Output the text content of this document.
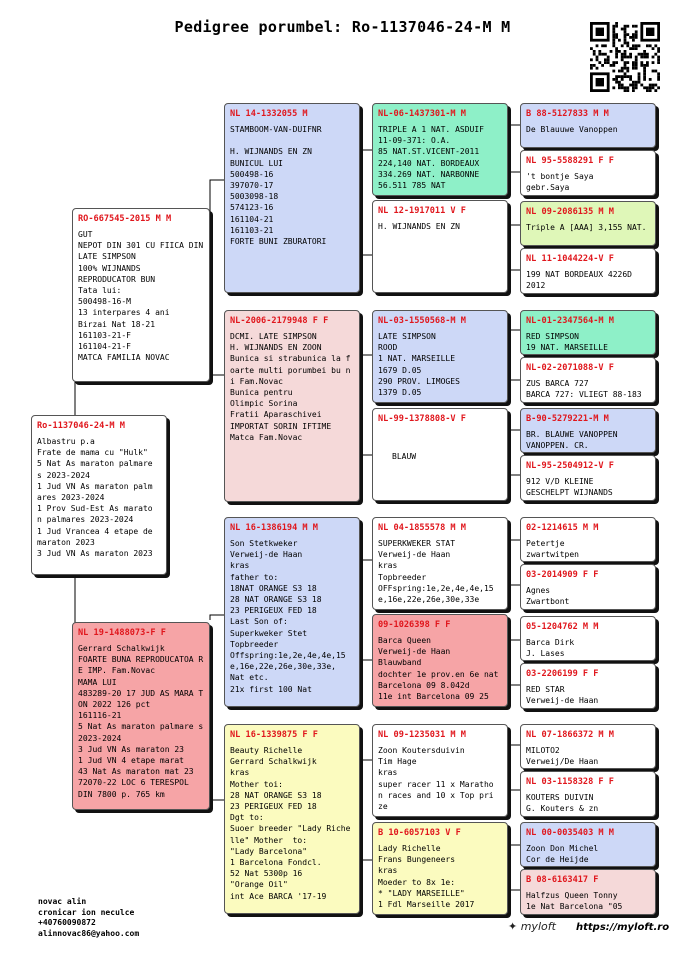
Pedigree porumbel: Ro-1137046-24-M M
Ro-1137046-24-M M
Albastru p.a
Frate de mama cu "Hulk"
5 Nat As maraton palmare s 2023-2024
1 Jud VN As maraton palm ares 2023-2024
1 Prov Sud-Est As marato n palmares 2023-2024
1 Jud Vrancea 4 etape de maraton 2023
3 Jud VN As maraton 2023
RO-667545-2015 M M
GUT
NEPOT DIN 301 CU FIICA DIN LATE SIMPSON
100% WIJNANDS
REPRODUCATOR BUN
Tata lui:
500498-16-M
13 interpares 4 ani
Birzai Nat 18-21
161103-21-F
161104-21-F
MATCA FAMILIA NOVAC
NL 19-1488073-F F
Gerrard Schalkwijk
FOARTE BUNA REPRODUCATOA RE IMP. Fam.Novac
MAMA LUI
483289-20 17 JUD AS MARA TON 2022 126 pct
161116-21
5 Nat As maraton palmare s 2023-2024
3 Jud VN As maraton 23
1 Jud VN 4 etape marat
43 Nat As maraton mat 23
72070-22 LOC 6 TERESPOL
DIN 7800 p. 765 km
NL 14-1332055 M
STAMBOOM-VAN-DUIFNR

H. WIJNANDS EN ZN
BUNICUL LUI
500498-16
397070-17
5003098-18
574123-16
161104-21
161103-21
FORTE BUNI ZBURATORI
NL-2006-2179948 F F
DCMI. LATE SIMPSON
H. WIJNANDS EN ZOON
Bunica si strabunica la foarte multi porumbei bu ni Fam.Novac
Bunica pentru
Olimpic Sorina
Fratii Aparaschivei
IMPORTAT SORIN IFTIME
Matca Fam.Novac
NL 16-1386194 M M
Son Stetkweker
Verweij-de Haan
kras
father to:
18NAT ORANGE S3 18
28 NAT ORANGE S3 18
23 PERIGEUX FED 18
Last Son of:
Superkweker Stet
Topbreeder
Offspring:1e,2e,4e,4e,15 e,16e,22e,26e,30e,33e,
Nat etc.
21x first 100 Nat
NL 16-1339875 F F
Beauty Richelle
Gerrard Schalkwijk
kras
Mother toi:
28 NAT ORANGE S3 18
23 PERIGEUX FED 18
Dgt to:
Suoer breeder "Lady Richelle" Mother  to:
"Lady Barcelona"
1 Barcelona Fondcl.
52 Nat 5300p 16
"Orange Oil"
int Ace BARCA '17-19
NL-06-1437301-M M
TRIPLE A 1 NAT. ASDUIF
11-09-371: O.A.
85 NAT.ST.VICENT-2011
224,140 NAT. BORDEAUX
334.269 NAT. NARBONNE
56.511 785 NAT
NL 12-1917011 V F
H. WIJNANDS EN ZN
NL-03-1550568-M M
LATE SIMPSON
ROOD
1 NAT. MARSEILLE
1679 D.05
290 PROV. LIMOGES
1379 D.05
NL-99-1378808-V F

BLAUW
NL 04-1855578 M M
SUPERKWEKER STAT
Verweij-de Haan
kras
Topbreeder
OFFspring:1e,2e,4e,4e,15e,16e,22e,26e,30e,33e
09-1026398 F F
Barca Queen
Verweij-de Haan
Blauwband
dochter 1e prov.en 6e nat Barcelona 09 8.042d
11e int Barcelona 09 25
NL 09-1235031 M M
Zoon Koutersduivin
Tim Hage
kras
super racer 11 x Maratho n races and 10 x Top pri ze
B 10-6057103 V F
Lady Richelle
Frans Bungeneers
kras
Moeder to 8x 1e:
* "LADY MARSEILLE"
1 Fdl Marseille 2017
B 88-5127833 M M
De Blauuwe Vanoppen
NL 95-5588291 F F
't bontje Saya
gebr.Saya
NL 09-2086135 M M
Triple A [AAA] 3,155 NAT.
NL 11-1044224-V F
199 NAT BORDEAUX 4226D
2012
NL-01-2347564-M M
RED SIMPSON
19 NAT. MARSEILLE
NL-02-2071088-V F
ZUS BARCA 727
BARCA 727: VLIEGT 88-183
B-90-5279221-M M
BR. BLAUWE VANOPPEN
VANOPPEN. CR.
NL-95-2504912-V F
912 V/D KLEINE
GESCHELPT WIJNANDS
02-1214615 M M
Petertje
zwartwitpen
03-2014909 F F
Agnes
Zwartbont
05-1204762 M M
Barca Dirk
J. Lases
03-2206199 F F
RED STAR
Verweij-de Haan
NL 07-1866372 M M
MILOTO2
Verweij/De Haan
NL 03-1158328 F F
KOUTERS DUIVIN
G. Kouters & zn
NL 00-0035403 M M
Zoon Don Michel
Cor de Heijde
B 08-6163417 F
Halfzus Queen Tonny
1e Nat Barcelona "05
novac alin
cronicar ion neculce
+40760090872
alinnovac86@yahoo.com	✦ myloft https://myloft.ro
